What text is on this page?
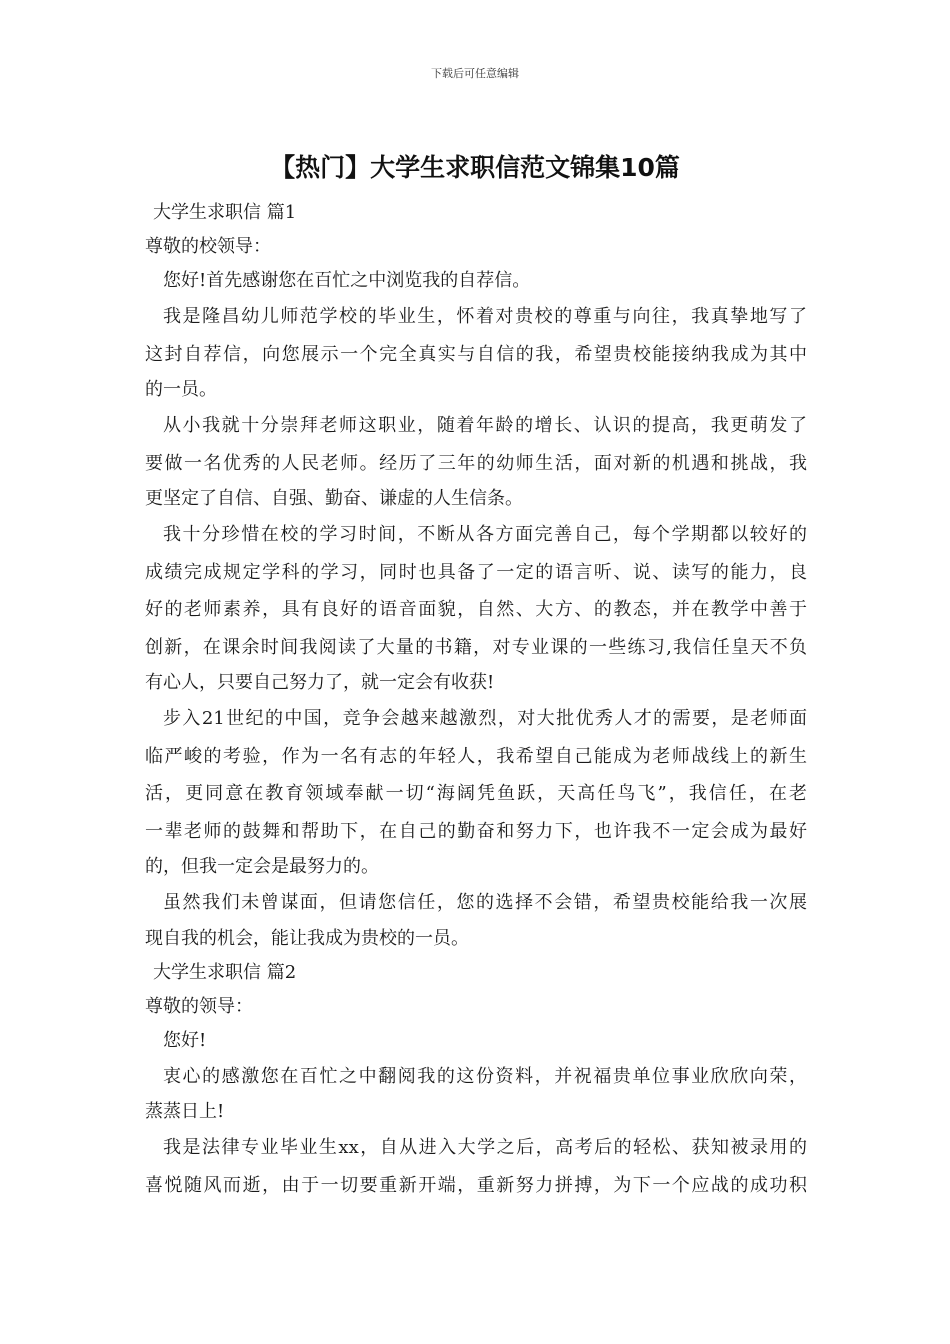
下载后可任意编辑
【热门】大学生求职信范文锦集10篇
大学生求职信 篇1
尊敬的校领导：
您好!首先感谢您在百忙之中浏览我的自荐信。
我是隆昌幼儿师范学校的毕业生，怀着对贵校的尊重与向往，我真挚地写了
这封自荐信，向您展示一个完全真实与自信的我，希望贵校能接纳我成为其中
的一员。
从小我就十分崇拜老师这职业，随着年龄的增长、认识的提高，我更萌发了
要做一名优秀的人民老师。经历了三年的幼师生活，面对新的机遇和挑战，我
更坚定了自信、自强、勤奋、谦虚的人生信条。
我十分珍惜在校的学习时间，不断从各方面完善自己，每个学期都以较好的
成绩完成规定学科的学习，同时也具备了一定的语言听、说、读写的能力，良
好的老师素养，具有良好的语音面貌，自然、大方、的教态，并在教学中善于
创新，在课余时间我阅读了大量的书籍，对专业课的一些练习,我信任皇天不负
有心人，只要自己努力了，就一定会有收获!
步入21世纪的中国，竞争会越来越激烈，对大批优秀人才的需要，是老师面
临严峻的考验，作为一名有志的年轻人，我希望自己能成为老师战线上的新生
活，更同意在教育领域奉献一切“海阔凭鱼跃，天高任鸟飞”，我信任，在老
一辈老师的鼓舞和帮助下，在自己的勤奋和努力下，也许我不一定会成为最好
的，但我一定会是最努力的。
虽然我们未曾谋面，但请您信任，您的选择不会错，希望贵校能给我一次展
现自我的机会，能让我成为贵校的一员。
大学生求职信 篇2
尊敬的领导：
您好!
衷心的感激您在百忙之中翻阅我的这份资料，并祝福贵单位事业欣欣向荣，
蒸蒸日上!
我是法律专业毕业生xx，自从进入大学之后，高考后的轻松、获知被录用的
喜悦随风而逝，由于一切要重新开端，重新努力拼搏，为下一个应战的成功积
